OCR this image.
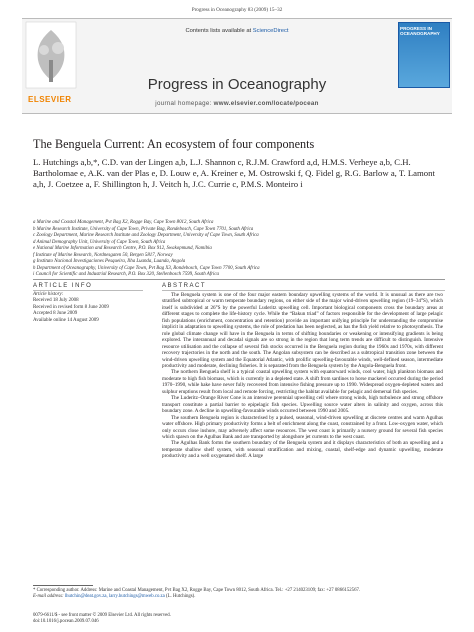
Progress in Oceanography 83 (2009) 15–32
ELSEVIER
Contents lists available at ScienceDirect
Progress in Oceanography
journal homepage: www.elsevier.com/locate/pocean
PROGRESS IN OCEANOGRAPHY
The Benguela Current: An ecosystem of four components
L. Hutchings a,b,*, C.D. van der Lingen a,b, L.J. Shannon c, R.J.M. Crawford a,d, H.M.S. Verheye a,b, C.H. Bartholomae e, A.K. van der Plas e, D. Louw e, A. Kreiner e, M. Ostrowski f, Q. Fidel g, R.G. Barlow a, T. Lamont a,h, J. Coetzee a, F. Shillington h, J. Veitch h, J.C. Currie c, P.M.S. Monteiro i
a Marine and Coastal Management, Pvt Bag X2, Rogge Bay, Cape Town 8012, South Africa
b Marine Research Institute, University of Cape Town, Private Bag, Rondebosch, Cape Town 7701, South Africa
c Zoology Department, Marine Research Institute and Zoology Department, University of Cape Town, South Africa
d Animal Demography Unit, University of Cape Town, South Africa
e National Marine Information and Research Centre, P.O. Box 912, Swakopmund, Namibia
f Institute of Marine Research, Nordnesgaten 50, Bergen 5817, Norway
g Instituto Nacional Investigaciones Pesqueira, Ilha Luanda, Luanda, Angola
h Department of Oceanography, University of Cape Town, Pvt Bag X3, Rondebosch, Cape Town 7700, South Africa
i Council for Scientific and Industrial Research, P.O. Box 320, Stellenbosch 7599, South Africa
ARTICLE INFO	ABSTRACT
Article history:
Received 18 July 2008
Received in revised form 8 June 2009
Accepted 8 June 2009
Available online 14 August 2009

The Benguela system is one of the four major eastern boundary upwelling systems of the world. It is unusual as there are two stratified subtropical or warm temperate boundary regions, on either side of the major wind-driven upwelling region (19–34°S), which itself is subdivided at 26°S by the powerful Luderitz upwelling cell. Important biological components cross the boundary areas at different stages to complete the life-history cycle. While the “Bakun triad” of factors responsible for the development of large pelagic fish populations (enrichment, concentration and retention) provide an important unifying principle for understanding the compromise implicit in adaptation to upwelling systems, the role of predation has been neglected, as has the fish yield relative to photosynthesis. The role global climate change will have in the Benguela in terms of shifting boundaries or weakening or intensifying gradients is being explored. The interannual and decadal signals are so strong in the region that long term trends are difficult to distinguish. Intensive resource utilisation and the collapse of several fish stocks occurred in the Benguela region during the 1960s and 1970s, with different recovery trajectories in the north and the south. The Angolan subsystem can be described as a subtropical transition zone between the wind-driven upwelling system and the Equatorial Atlantic, with prolific upwelling-favourable winds, well-defined season, intermediate productivity and moderate, declining fisheries. It is separated from the Benguela system by the Angola-Benguela front.

The northern Benguela shelf is a typical coastal upwelling system with equatorward winds, cool water, high plankton biomass and moderate to high fish biomass, which is currently in a depleted state. A shift from sardines to horse mackerel occurred during the period 1970–1990, while hake have never fully recovered from intensive fishing pressure up to 1990. Widespread oxygen-depleted waters and sulphur eruptions result from local and remote forcing, restricting the habitat available for pelagic and demersal fish species.

The Luderitz–Orange River Cone is an intensive perennial upwelling cell where strong winds, high turbulence and strong offshore transport constitute a partial barrier to epipelagic fish species. Upwelling source water alters in salinity and oxygen, across this boundary zone. A decline in upwelling-favourable winds occurred between 1990 and 2005.

The southern Benguela region is characterised by a pulsed, seasonal, wind-driven upwelling at discrete centres and warm Agulhas water offshore. High primary productivity forms a belt of enrichment along the coast, constrained by a front. Low-oxygen water, which only occurs close inshore, may adversely affect some resources. The west coast is primarily a nursery ground for several fish species which spawn on the Agulhas Bank and are transported by alongshore jet currents to the west coast.

The Agulhas Bank forms the southern boundary of the Benguela system and it displays characteristics of both an upwelling and a temperate shallow shelf system, with seasonal stratification and mixing, coastal, shelf-edge and dynamic upwelling, moderate productivity and a well oxygenated shelf. A large

* Corresponding author. Address: Marine and Coastal Management, Pvt Bag X2, Rogge Bay, Cape Town 8012, South Africa. Tel.: +27 214023109; fax: +27 0866152567.
E-mail address: lhutchin@deat.gov.za, larry.hutchings@mweb.co.za (L. Hutchings).
0079-6611/$ - see front matter © 2009 Elsevier Ltd. All rights reserved.
doi:10.1016/j.pocean.2009.07.046
